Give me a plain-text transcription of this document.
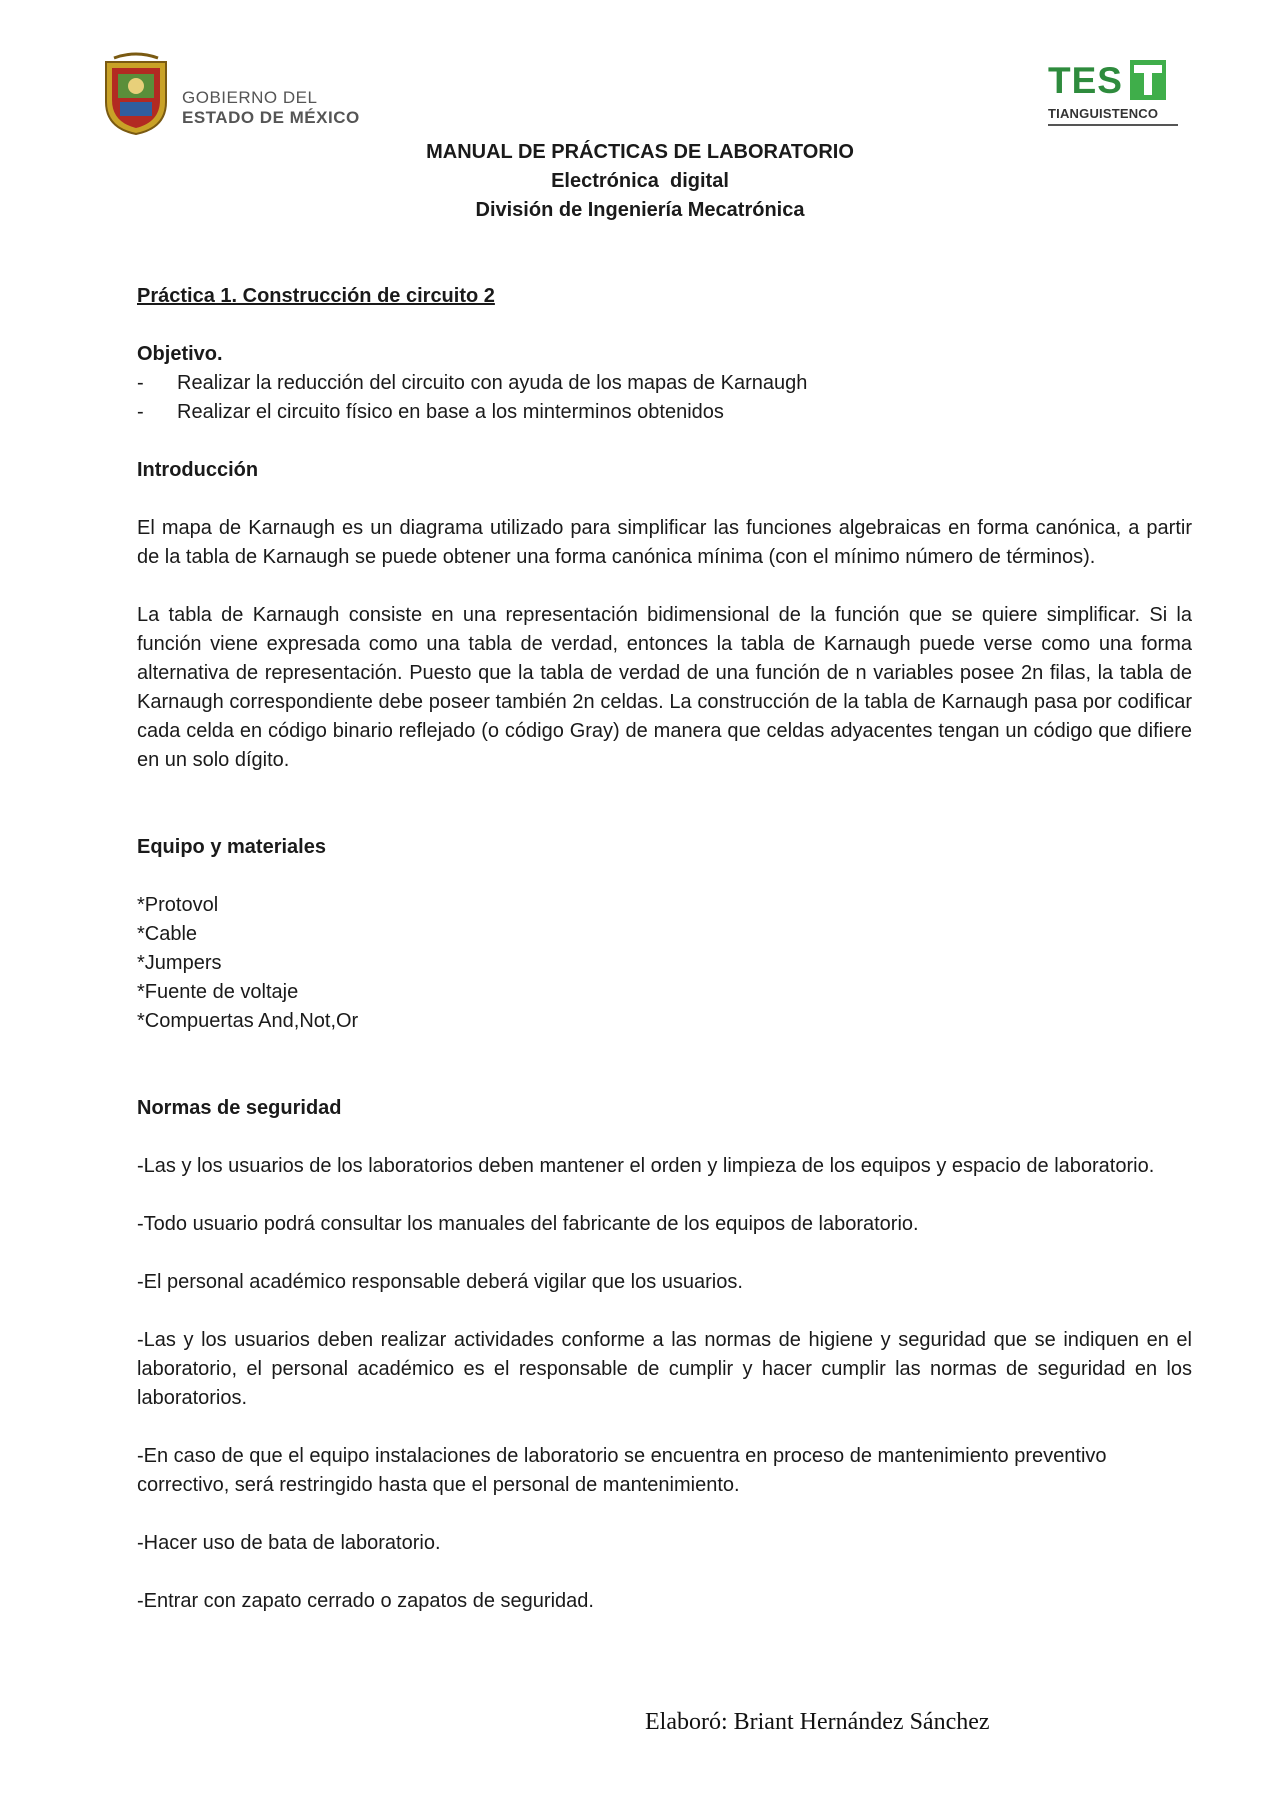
GOBIERNO DEL
ESTADO DE MÉXICO
TES
TIANGUISTENCO
MANUAL DE PRÁCTICAS DE LABORATORIO
Electrónica  digital
División de Ingeniería Mecatrónica

Práctica 1. Construcción de circuito 2

Objetivo.

-	Realizar la reducción del circuito con ayuda de los mapas de Karnaugh
-	Realizar el circuito físico en base a los minterminos obtenidos

Introducción

El mapa de Karnaugh es un diagrama utilizado para simplificar las funciones algebraicas en forma canónica, a partir de la tabla de Karnaugh se puede obtener una forma canónica mínima (con el mínimo número de términos).

La tabla de Karnaugh consiste en una representación bidimensional de la función que se quiere simplificar. Si la función viene expresada como una tabla de verdad, entonces la tabla de Karnaugh puede verse como una forma alternativa de representación. Puesto que la tabla de verdad de una función de n variables posee 2n filas, la tabla de Karnaugh correspondiente debe poseer también 2n celdas. La construcción de la tabla de Karnaugh pasa por codificar cada celda en código binario reflejado (o código Gray) de manera que celdas adyacentes tengan un código que difiere en un solo dígito.

Equipo y materiales

*Protovol

*Cable

*Jumpers

*Fuente de voltaje

*Compuertas And,Not,Or

Normas de seguridad

-Las y los usuarios de los laboratorios deben mantener el orden y limpieza de los equipos y espacio de laboratorio.

-Todo usuario podrá consultar los manuales del fabricante de los equipos de laboratorio.

-El personal académico responsable deberá vigilar que los usuarios.

-Las y los usuarios deben realizar actividades conforme a las normas de higiene y seguridad que se indiquen en el laboratorio, el personal académico es el responsable de cumplir y hacer cumplir las normas de seguridad en los laboratorios.

-En caso de que el equipo instalaciones de laboratorio se encuentra en proceso de mantenimiento preventivo correctivo, será restringido hasta que el personal de mantenimiento.

-Hacer uso de bata de laboratorio.

-Entrar con zapato cerrado o zapatos de seguridad.

Elaboró: Briant Hernández Sánchez
